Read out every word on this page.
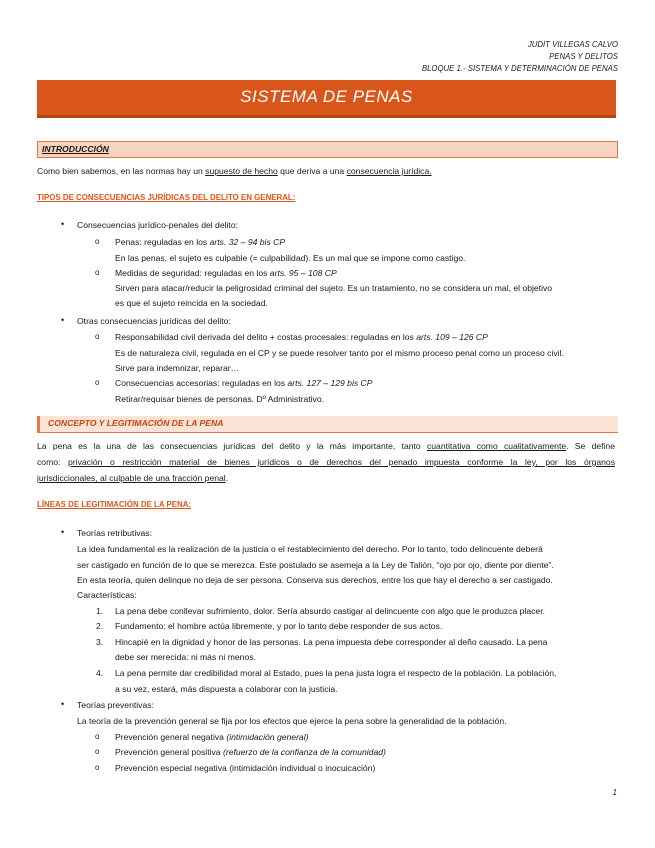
JUDIT VILLEGAS CALVO
PENAS Y DELITOS
BLOQUE 1.- SISTEMA Y DETERMINACIÓN DE PENAS
SISTEMA DE PENAS
INTRODUCCIÓN
Como bien sabemos, en las normas hay un supuesto de hecho que deriva a una consecuencia jurídica.
TIPOS DE CONSECUENCIAS JURÍDICAS DEL DELITO EN GENERAL:
• Consecuencias jurídico-penales del delito:
o Penas: reguladas en los arts. 32 – 94 bis CP
En las penas, el sujeto es culpable (= culpabilidad). Es un mal que se impone como castigo.
o Medidas de seguridad: reguladas en los arts. 95 – 108 CP
Sirven para atacar/reducir la peligrosidad criminal del sujeto. Es un tratamiento, no se considera un mal, el objetivo
es que el sujeto reincida en la sociedad.
• Otras consecuencias jurídicas del delito:
o Responsabilidad civil derivada del delito + costas procesales: reguladas en los arts. 109 – 126 CP
Es de naturaleza civil, regulada en el CP y se puede resolver tanto por el mismo proceso penal como un proceso civil.
Sirve para indemnizar, reparar…
o Consecuencias accesorias: reguladas en los arts. 127 – 129 bis CP
Retirar/requisar bienes de personas. Dº Administrativo.
CONCEPTO Y LEGITIMACIÓN DE LA PENA
La pena es la una de las consecuencias jurídicas del delito y la más importante, tanto cuantitativa como cualitativamente. Se define
como: privación o restricción material de bienes jurídicos o de derechos del penado impuesta conforme la ley, por los órganos
jurisdiccionales, al culpable de una fracción penal.
LÍNEAS DE LEGITIMACIÓN DE LA PENA:
• Teorías retributivas:
La idea fundamental es la realización de la justicia o el restablecimiento del derecho. Por lo tanto, todo delincuente deberá
ser castigado en función de lo que se merezca. Este postulado se asemeja a la Ley de Talión, “ojo por ojo, diente por diente”.
En esta teoría, quien delinque no deja de ser persona. Conserva sus derechos, entre los que hay el derecho a ser castigado.
Características:
1. La pena debe conllevar sufrimiento, dolor. Sería absurdo castigar al delincuente con algo que le produzca placer.
2. Fundamento: el hombre actúa libremente, y por lo tanto debe responder de sus actos.
3. Hincapié en la dignidad y honor de las personas. La pena impuesta debe corresponder al deño causado. La pena
debe ser merecida: ni más ni menos.
4. La pena permite dar credibilidad moral al Estado, pues la pena justa logra el respecto de la población. La población,
a su vez, estará, más dispuesta a colaborar con la justicia.
• Teorías preventivas:
La teoría de la prevención general se fija por los efectos que ejerce la pena sobre la generalidad de la población.
o Prevención general negativa (intimidación general)
o Prevención general positiva (refuerzo de la confianza de la comunidad)
o Prevención especial negativa (intimidación individual o inocuicación)
1
